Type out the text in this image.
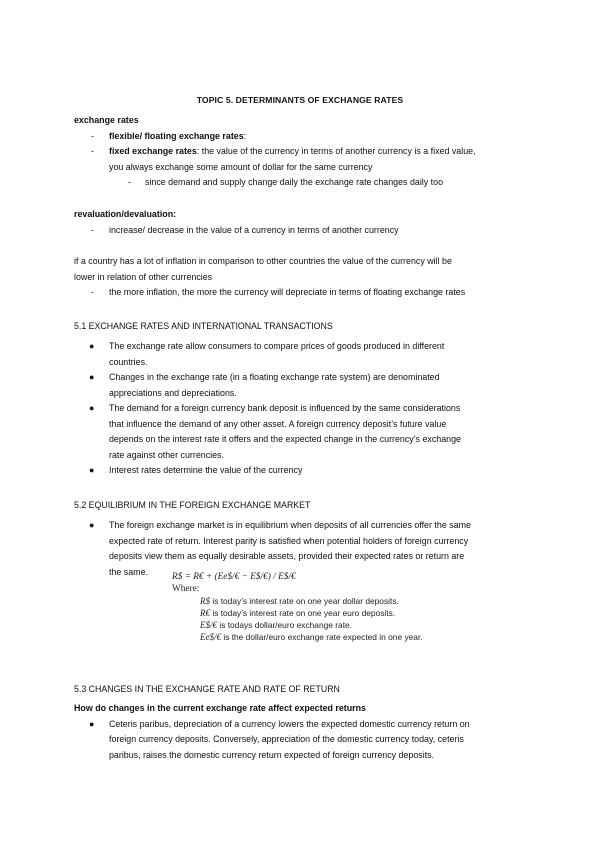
TOPIC 5. DETERMINANTS OF EXCHANGE RATES
exchange rates
-	flexible/ floating exchange rates:
-	fixed exchange rates: the value of the currency in terms of another currency is a fixed value,
you always exchange some amount of dollar for the same currency
-	since demand and supply change daily the exchange rate changes daily too
revaluation/devaluation:
-	increase/ decrease in the value of a currency in terms of another currency
if a country has a lot of inflation in comparison to other countries the value of the currency will be
lower in relation of other currencies
-	the more inflation, the more the currency will depreciate in terms of floating exchange rates
5.1 EXCHANGE RATES AND INTERNATIONAL TRANSACTIONS
● The exchange rate allow consumers to compare prices of goods produced in different
countries.
● Changes in the exchange rate (in a floating exchange rate system) are denominated
appreciations and depreciations.
● The demand for a foreign currency bank deposit is influenced by the same considerations
that influence the demand of any other asset. A foreign currency deposit’s future value
depends on the interest rate it offers and the expected change in the currency’s exchange
rate against other currencies.
● Interest rates determine the value of the currency
5.2 EQUILIBRIUM IN THE FOREIGN EXCHANGE MARKET
● The foreign exchange market is in equilibrium when deposits of all currencies offer the same
expected rate of return. Interest parity is satisfied when potential holders of foreign currency
deposits view them as equally desirable assets, provided their expected rates or return are
the same.
R$ = R€ + (Ee$/€ − E$/€) / E$/€
Where:
R$ is today’s interest rate on one year dollar deposits.
R€ is today’s interest rate on one year euro deposits.
E$/€ is todays dollar/euro exchange rate.
Ee$/€ is the dollar/euro exchange rate expected in one year.
5.3 CHANGES IN THE EXCHANGE RATE AND RATE OF RETURN
How do changes in the current exchange rate affect expected returns
● Ceteris paribus, depreciation of a currency lowers the expected domestic currency return on
foreign currency deposits. Conversely, appreciation of the domestic currency today, ceteris
paribus, raises the domestic currency return expected of foreign currency deposits.
